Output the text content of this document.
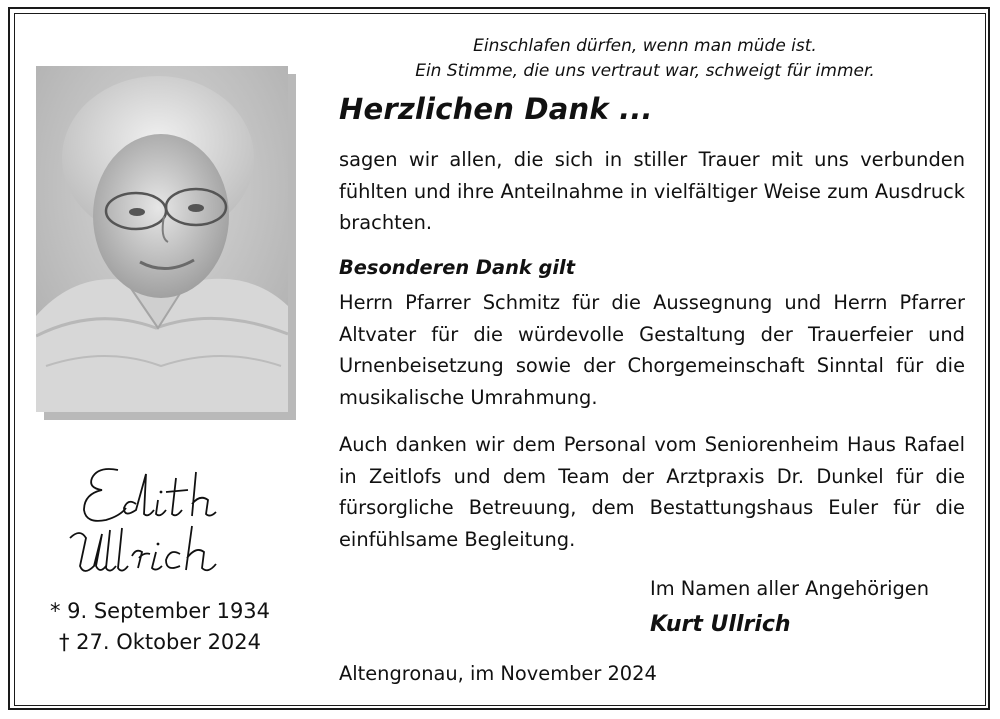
Einschlafen dürfen, wenn man müde ist.
Ein Stimme, die uns vertraut war, schweigt für immer.
* 9. September 1934
† 27. Oktober 2024
Herzlichen Dank ...
sagen wir allen, die sich in stiller Trauer mit uns verbunden fühlten und ihre Anteilnahme in vielfältiger Weise zum Ausdruck brachten.
Besonderen Dank gilt
Herrn Pfarrer Schmitz für die Aussegnung und Herrn Pfarrer Altvater für die würdevolle Gestaltung der Trauerfeier und Urnenbeisetzung sowie der Chorgemeinschaft Sinntal für die musikalische Umrahmung.
Auch danken wir dem Personal vom Seniorenheim Haus Rafael in Zeitlofs und dem Team der Arztpraxis Dr. Dunkel für die fürsorgliche Betreuung, dem Bestattungshaus Euler für die einfühlsame Begleitung.
Im Namen aller Angehörigen
Kurt Ullrich
Altengronau, im November 2024
